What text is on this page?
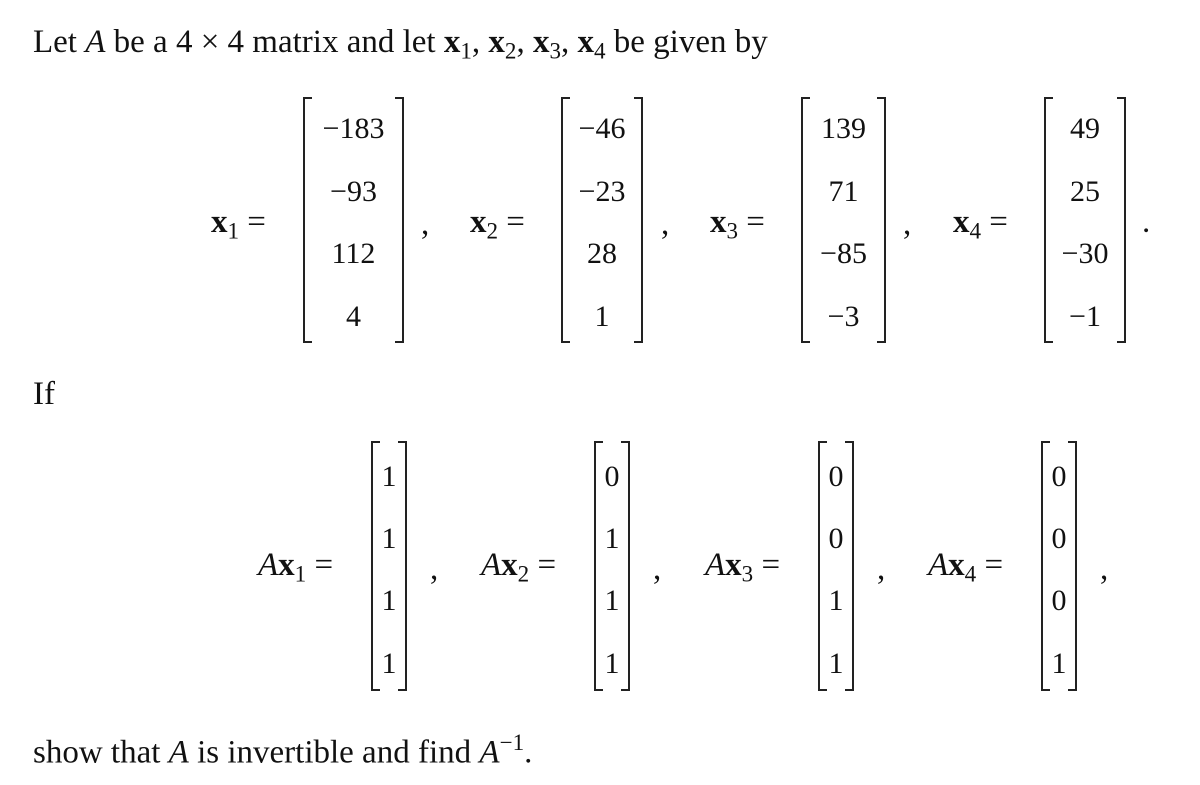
Let A be a 4 × 4 matrix and let $x_1$, $x_2$, $x_3$, $x_4$ be given by
$x_1$ =
−183
−93
112
4
, $x_2$ =
−46
−23
28
1
, $x_3$ =
139
71
−85
−3
, $x_4$ =
49
25
−30
−1
.
If
$Ax_1$ =
1
1
1
1
, $Ax_2$ =
0
1
1
1
, $Ax_3$ =
0
0
1
1
, $Ax_4$ =
0
0
0
1
,
show that A is invertible and find $A^{-1}$.
